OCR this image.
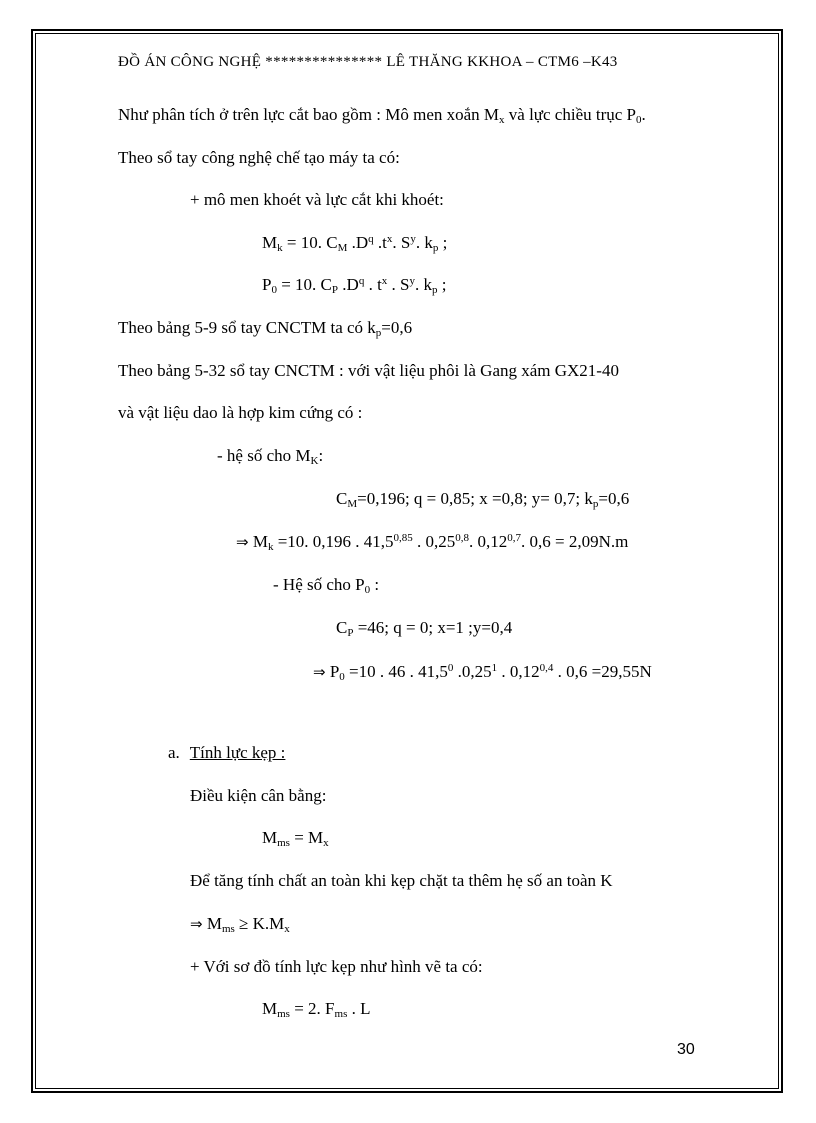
ĐỒ ÁN CÔNG NGHỆ *************** LÊ THĂNG KKHOA – CTM6 –K43
Như phân tích ở trên lực cắt bao gồm : Mô men xoắn $M_x$ và lực chiều trục $P_0$.
Theo sổ tay công nghệ chế tạo máy ta có:
+ mô men khoét và lực cắt khi khoét:
$M_k = 10$. $C_M$ $.D^q$ $.t^x$. $S^y$. $k_p$ ;
$P_0 = 10$. $C_P$ $.D^q$ . $t^x$ . $S^y$. $k_p$ ;
Theo bảng 5-9 sổ tay CNCTM ta có $k_p=0,6$
Theo bảng 5-32 sổ tay CNCTM : với vật liệu phôi là Gang xám GX21-40
và vật liệu dao là hợp kim cứng có :
- hệ số cho $M_K$:
$C_M=0,196$; q = 0,85; x =0,8; y= 0,7; $k_p=0,6$
⇒ $M_k =10$. 0,196 . 41,5$^{0,85}$ . 0,25$^{0,8}$. 0,12$^{0,7}$. 0,6 = 2,09N.m
- Hệ số cho $P_0$ :
$C_P =46$; q = 0; x=1 ;y=0,4
⇒ $P_0 =10$ . 46 . 41,5$^0$ .0,25$^1$ . 0,12$^{0,4}$ . 0,6 =29,55N
a. Tính lực kẹp :
Điều kiện cân bằng:
$M_{ms} = M_x$
Để tăng tính chất an toàn khi kẹp chặt ta thêm hẹ số an toàn K
⇒ $M_{ms} \ge K.M_x$
+ Với sơ đồ tính lực kẹp như hình vẽ ta có:
$M_{ms} = 2$. $F_{ms}$ . L
30
